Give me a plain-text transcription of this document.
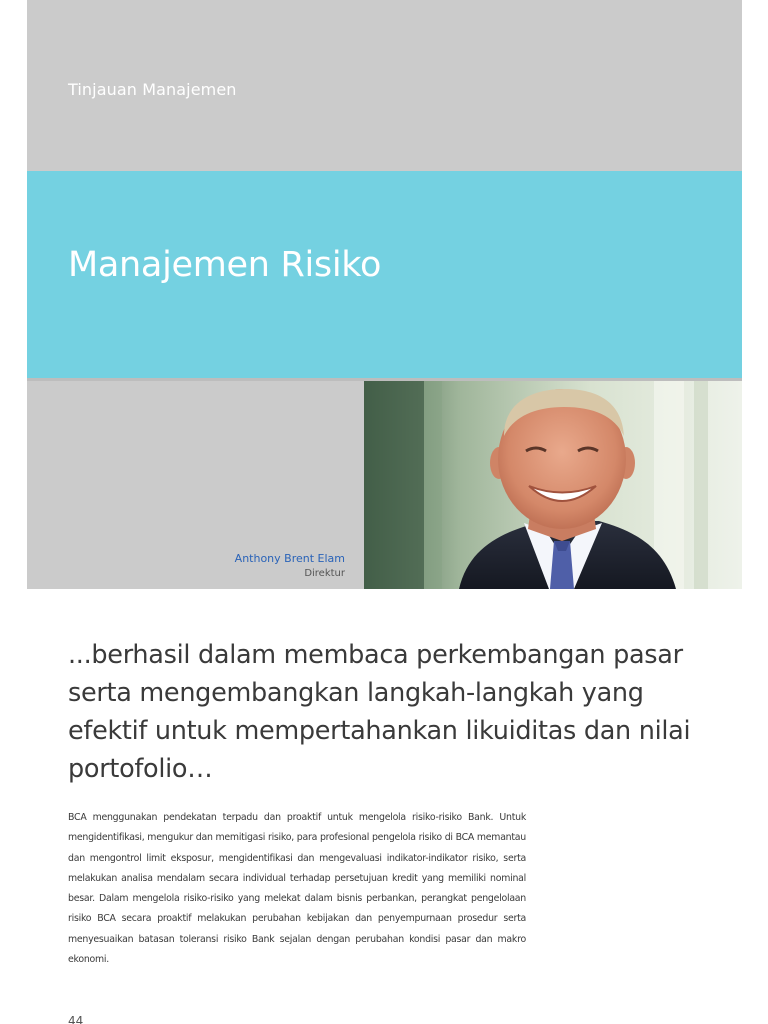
Tinjauan Manajemen
Manajemen Risiko
Anthony Brent Elam
Direktur

...berhasil dalam membaca perkembangan pasar serta mengembangkan langkah-langkah yang efektif untuk mempertahankan likuiditas dan nilai portofolio…

BCA menggunakan pendekatan terpadu dan proaktif untuk mengelola risiko-risiko Bank. Untuk mengidentifikasi, mengukur dan memitigasi risiko, para profesional pengelola risiko di BCA memantau dan mengontrol limit eksposur, mengidentifikasi dan mengevaluasi indikator-indikator risiko, serta melakukan analisa mendalam secara individual terhadap persetujuan kredit yang memiliki nominal besar. Dalam mengelola risiko-risiko yang melekat dalam bisnis perbankan, perangkat pengelolaan risiko BCA secara proaktif melakukan perubahan kebijakan dan penyempurnaan prosedur serta menyesuaikan batasan toleransi risiko Bank sejalan dengan perubahan kondisi pasar dan makro ekonomi.

44
